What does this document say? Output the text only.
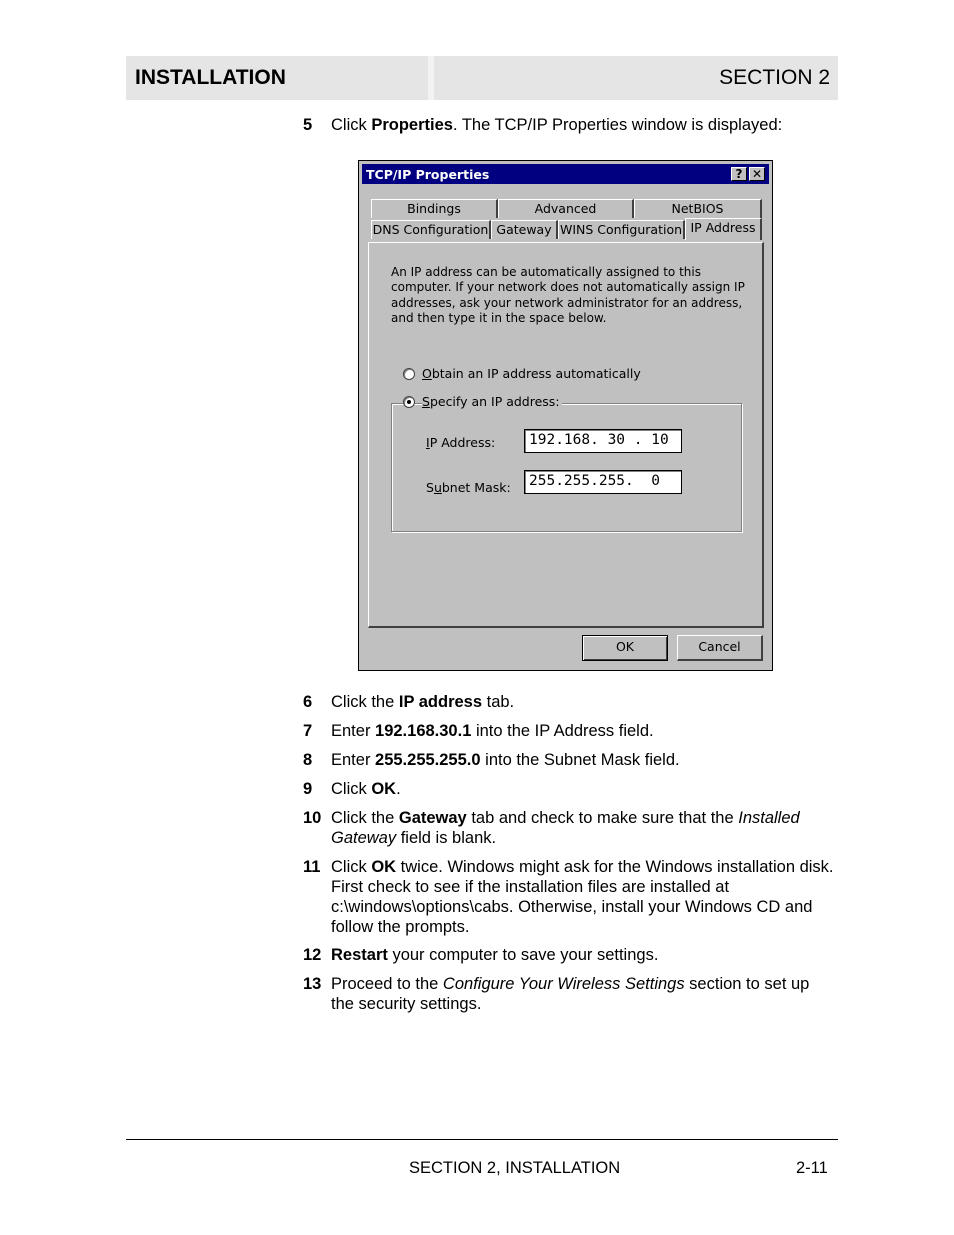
INSTALLATION	SECTION 2
5 Click Properties. The TCP/IP Properties window is displayed:
TCP/IP Properties	? ✕
Bindings	Advanced	NetBIOS
DNS Configuration Gateway WINS Configuration IP Address
An IP address can be automatically assigned to this computer. If your network does not automatically assign IP addresses, ask your network administrator for an address, and then type it in the space below.
Obtain an IP address automatically
Specify an IP address:
IP Address:	192.168. 30 . 10
Subnet Mask:	255.255.255.  0
OK	Cancel
6 Click the IP address tab.
7 Enter 192.168.30.1 into the IP Address field.
8 Enter 255.255.255.0 into the Subnet Mask field.
9 Click OK.
10 Click the Gateway tab and check to make sure that the Installed Gateway field is blank.
11 Click OK twice. Windows might ask for the Windows installation disk. First check to see if the installation files are installed at c:\windows\options\cabs. Otherwise, install your Windows CD and follow the prompts.
12 Restart your computer to save your settings.
13 Proceed to the Configure Your Wireless Settings section to set up the security settings.
SECTION 2, INSTALLATION	2-11
